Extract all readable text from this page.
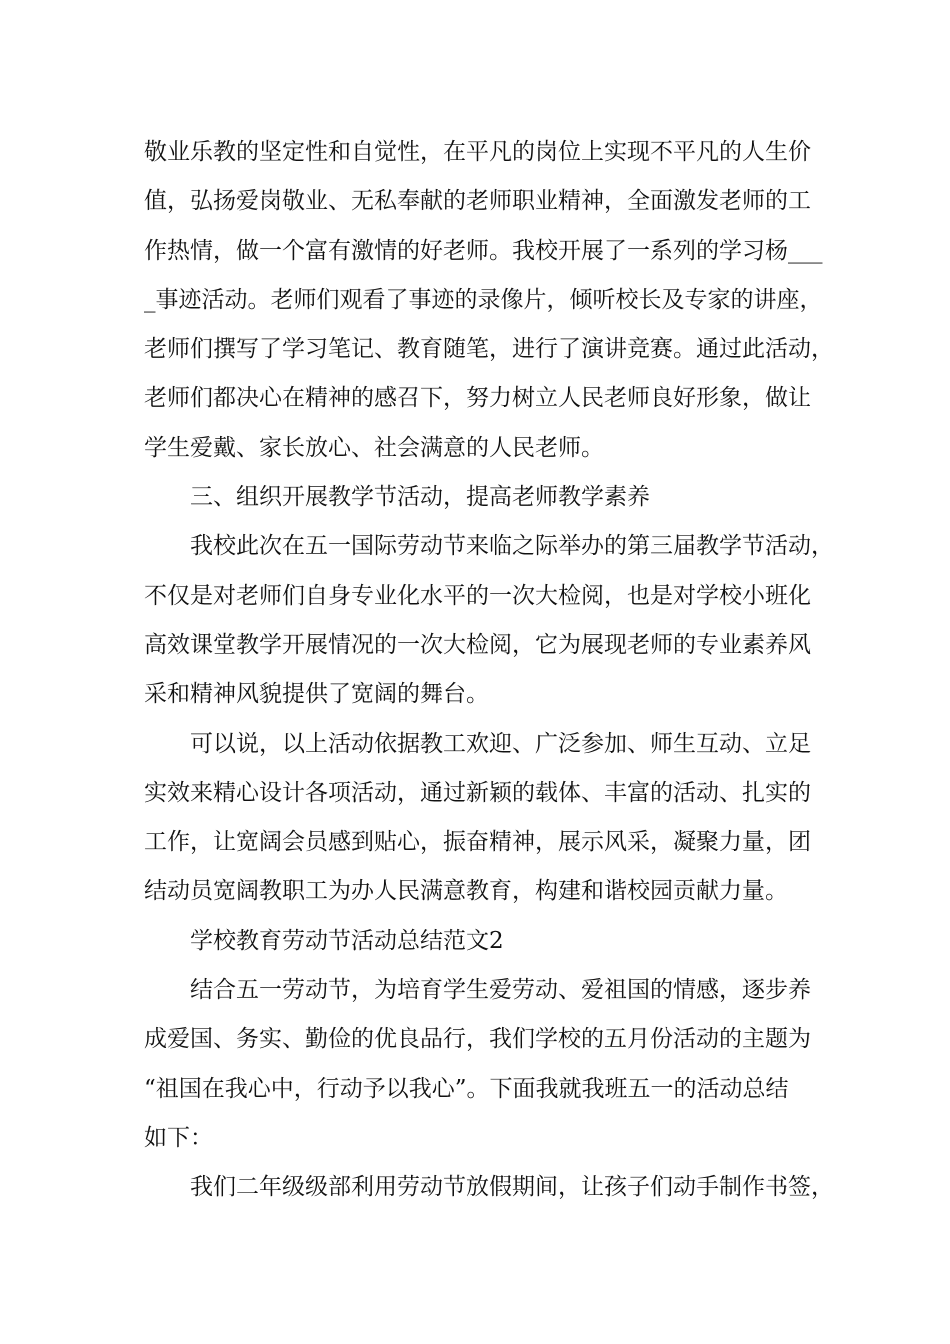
敬业乐教的坚定性和自觉性，在平凡的岗位上实现不平凡的人生价
值，弘扬爱岗敬业、无私奉献的老师职业精神，全面激发老师的工
作热情，做一个富有激情的好老师。我校开展了一系列的学习杨___
_事迹活动。老师们观看了事迹的录像片，倾听校长及专家的讲座，
老师们撰写了学习笔记、教育随笔，进行了演讲竞赛。通过此活动，
老师们都决心在精神的感召下，努力树立人民老师良好形象，做让
学生爱戴、家长放心、社会满意的人民老师。
三、组织开展教学节活动，提高老师教学素养
我校此次在五一国际劳动节来临之际举办的第三届教学节活动，
不仅是对老师们自身专业化水平的一次大检阅，也是对学校小班化
高效课堂教学开展情况的一次大检阅，它为展现老师的专业素养风
采和精神风貌提供了宽阔的舞台。
可以说，以上活动依据教工欢迎、广泛参加、师生互动、立足
实效来精心设计各项活动，通过新颖的载体、丰富的活动、扎实的
工作，让宽阔会员感到贴心，振奋精神，展示风采，凝聚力量，团
结动员宽阔教职工为办人民满意教育，构建和谐校园贡献力量。
学校教育劳动节活动总结范文2
结合五一劳动节，为培育学生爱劳动、爱祖国的情感，逐步养
成爱国、务实、勤俭的优良品行，我们学校的五月份活动的主题为
“祖国在我心中，行动予以我心”。下面我就我班五一的活动总结
如下：
我们二年级级部利用劳动节放假期间，让孩子们动手制作书签，
